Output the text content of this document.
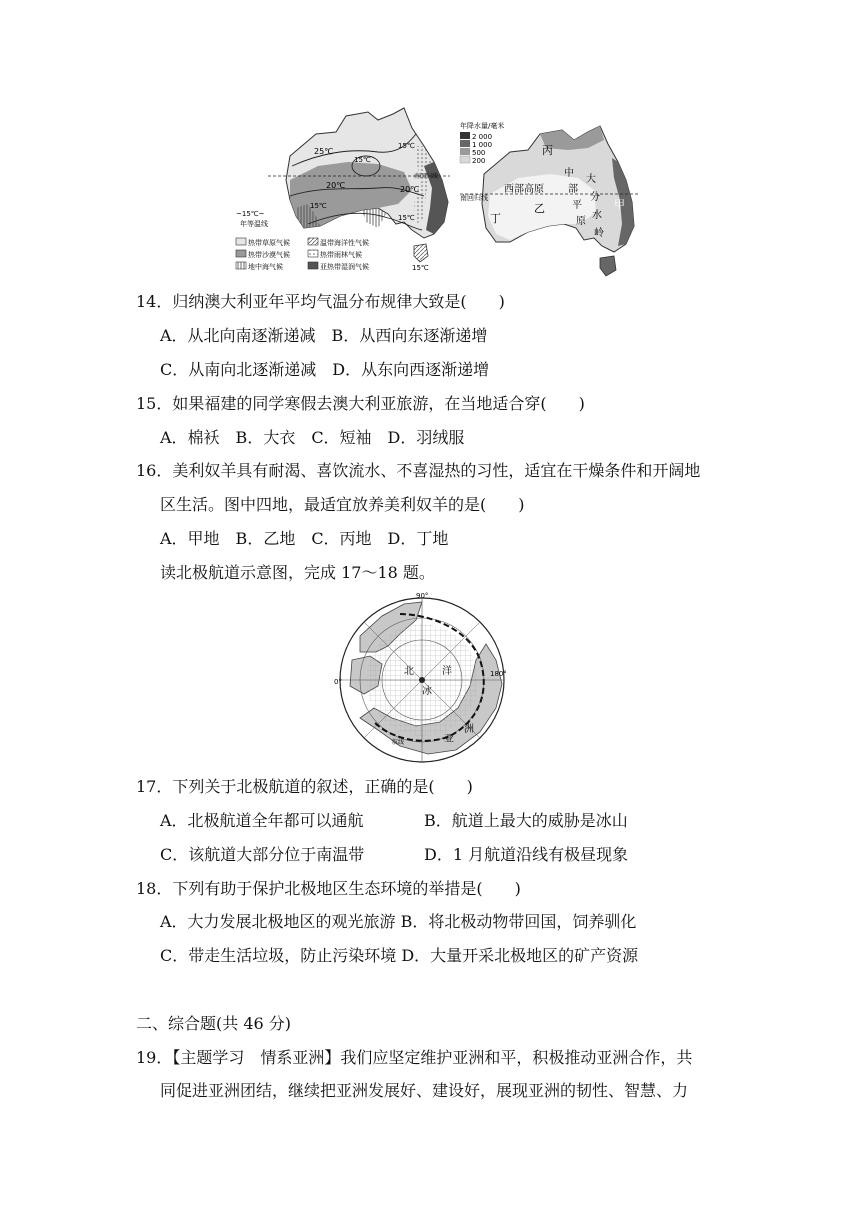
25℃
15℃
20℃	20℃
15℃
15℃
15℃
南回归线
15℃
~15℃~
年等温线
热带草原气候	温带海洋性气候
热带沙漠气候	热带雨林气候
地中海气候	亚热带湿润气候
年降水量/毫米
2 000
1 000
500
200
南回归线
丙
西部高原
乙
丁
中
部
平
原
大
分
水
岭
甲
14．归纳澳大利亚年平均气温分布规律大致是(　　)
A．从北向南逐渐递减　B．从西向东逐渐递增
C．从南向北逐渐递减　D．从东向西逐渐递增
15．如果福建的同学寒假去澳大利亚旅游，在当地适合穿(　　)
A．棉袄　B．大衣　C．短袖　D．羽绒服
16．美利奴羊具有耐渴、喜饮流水、不喜湿热的习性，适宜在干燥条件和开阔地
区生活。图中四地，最适宜放养美利奴羊的是(　　)
A．甲地　B．乙地　C．丙地　D．丁地
读北极航道示意图，完成 17～18 题。
90°
0°
180°
北
冰
洋
亚
洲
航线
17．下列关于北极航道的叙述，正确的是(　　)
A．北极航道全年都可以通航	B．航道上最大的威胁是冰山
C．该航道大部分位于南温带	D．1 月航道沿线有极昼现象
18．下列有助于保护北极地区生态环境的举措是(　　)
A．大力发展北极地区的观光旅游 B．将北极动物带回国，饲养驯化
C．带走生活垃圾，防止污染环境 D．大量开采北极地区的矿产资源
二、综合题(共 46 分)
19．【主题学习　情系亚洲】我们应坚定维护亚洲和平，积极推动亚洲合作，共
同促进亚洲团结，继续把亚洲发展好、建设好，展现亚洲的韧性、智慧、力
